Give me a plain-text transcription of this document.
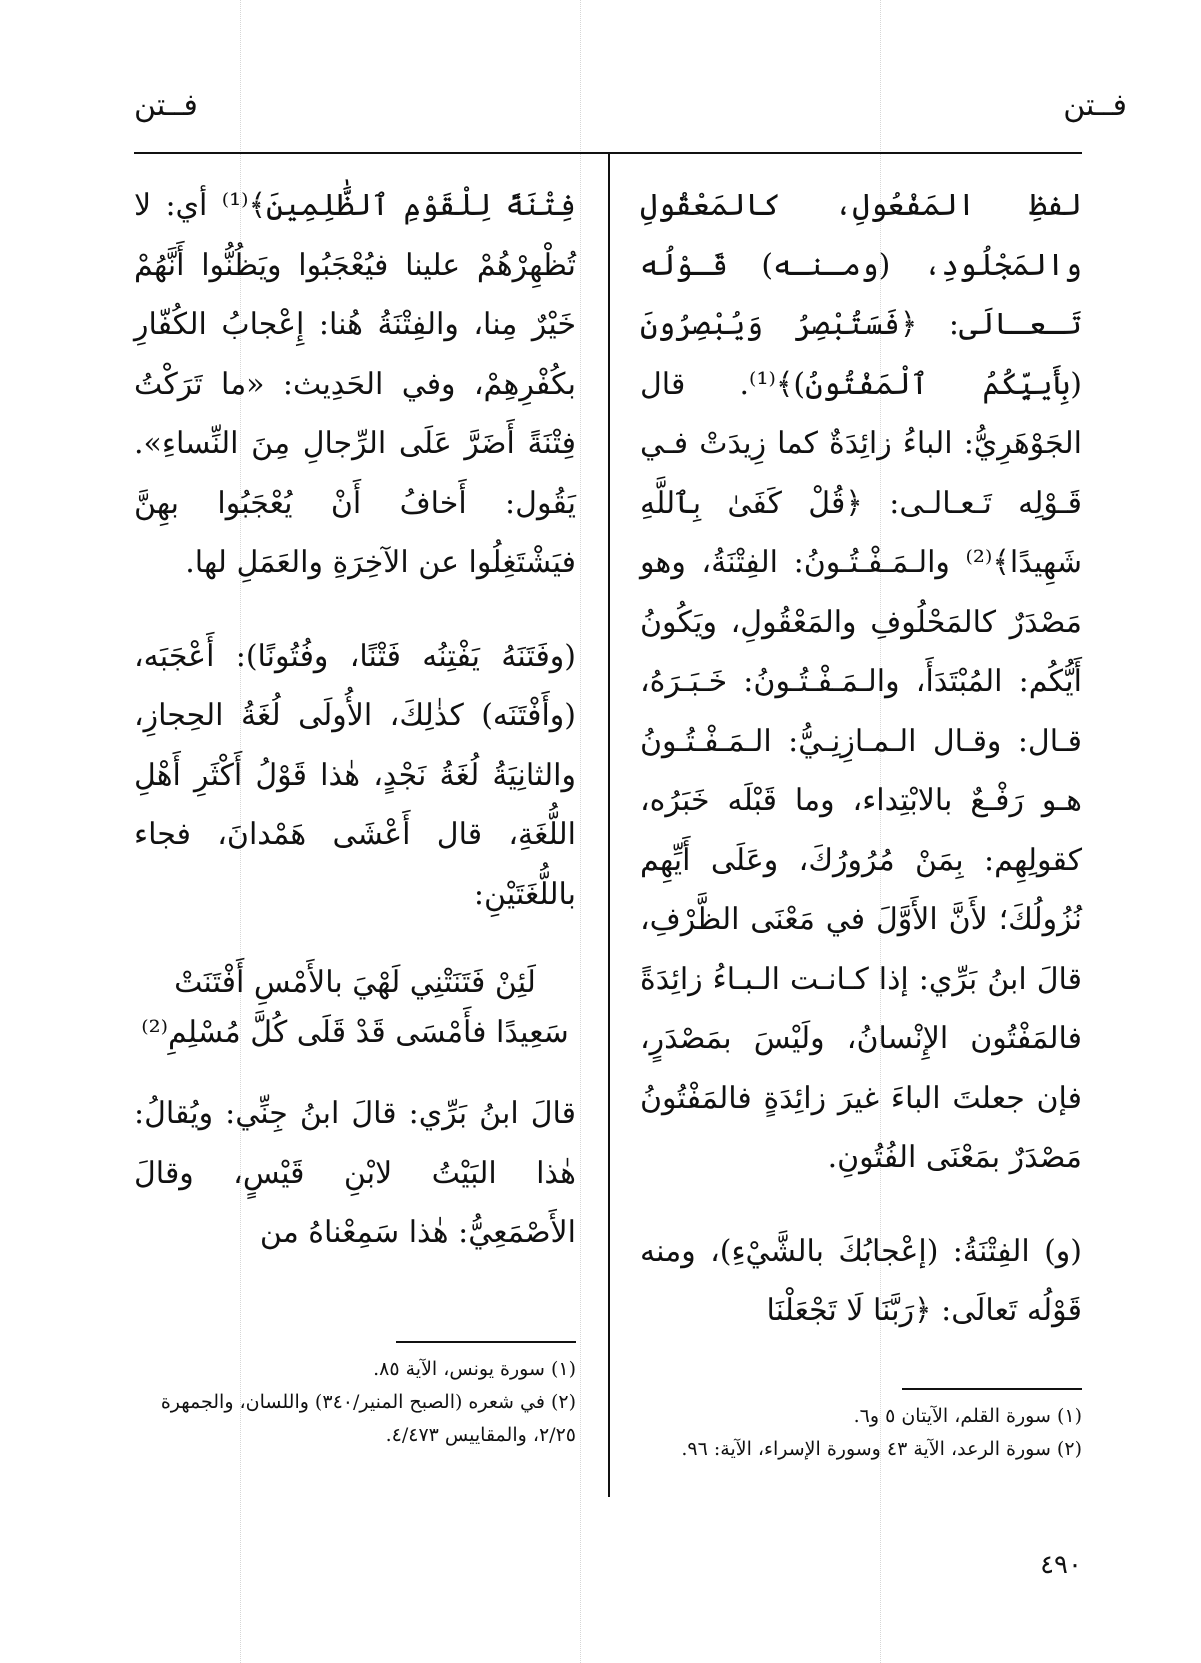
فــتن
فــتن

لفظِ المَفْعُولِ، كالمَعْقُولِ والمَجْلُودِ، (ومـنـه) قَـوْلُه تَـعـالَى: ﴿فَسَتُبْصِرُ وَيُبْصِرُونَ (بِأَييِّكُمُ ٱلْمَفْتُونُ)﴾⁽¹⁾. قال الجَوْهَرِيُّ: الباءُ زائِدَةٌ كما زِيدَتْ فـي قَـوْلِه تَـعـالـى: ﴿قُلْ كَفَىٰ بِٱللَّهِ شَهِيدًا﴾⁽²⁾ والـمَـفْـتُـونُ: الفِتْنَةُ، وهو مَصْدَرٌ كالمَحْلُوفِ والمَعْقُولِ، ويَكُونُ أَيُّكُم: المُبْتَدَأَ، والـمَـفْـتُـونُ: خَـبَـرَهُ، قـال: وقـال الـمـازِنِـيُّ: الـمَـفْـتُـونُ هـو رَفْـعٌ بالابْتِداء، وما قَبْلَه خَبَرُه، كقولِهِم: بِمَنْ مُرُورُكَ، وعَلَى أَيِّهِم نُزُولُكَ؛ لأَنَّ الأَوَّلَ في مَعْنَى الظَّرْفِ، قالَ ابنُ بَرِّي: إذا كـانـت الـبـاءُ زائِدَةً فالمَفْتُون الإِنْسانُ، ولَيْسَ بمَصْدَرٍ، فإن جعلتَ الباءَ غيرَ زائِدَةٍ فالمَفْتُونُ مَصْدَرٌ بمَعْنَى الفُتُونِ.

(و) الفِتْنَةُ: (إعْجابُكَ بالشَّيْءِ)، ومنه قَوْلُه تَعالَى: ﴿رَبَّنَا لَا تَجْعَلْنَا

فِتْنَةً لِلْقَوْمِ ٱلظَّٰلِمِينَ﴾⁽¹⁾ أي: لا تُظْهِرْهُمْ علينا فيُعْجَبُوا ويَظُنُّوا أَنَّهُمْ خَيْرٌ مِنا، والفِتْنَةُ هُنا: إِعْجابُ الكُفّارِ بكُفْرِهِمْ، وفي الحَدِيث: «ما تَرَكْتُ فِتْنَةً أَضَرَّ عَلَى الرِّجالِ مِنَ النِّساءِ». يَقُول: أَخافُ أَنْ يُعْجَبُوا بهِنَّ فيَشْتَغِلُوا عن الآخِرَةِ والعَمَلِ لها.

(وفَتَنَهُ يَفْتِنُه فَتْنًا، وفُتُونًا): أَعْجَبَه، (وأَفْتَنَه) كذٰلِكَ، الأُولَى لُغَةُ الحِجازِ، والثانِيَةُ لُغَةُ نَجْدٍ، هٰذا قَوْلُ أَكْثَرِ أَهْلِ اللُّغَةِ، قال أَعْشَى هَمْدانَ، فجاء باللُّغَتَيْنِ:

لَئِنْ فَتَنَتْنِي لَهْيَ بالأَمْسِ أَفْتَنَتْ
سَعِيدًا فأَمْسَى قَدْ قَلَى كُلَّ مُسْلِمِ⁽²⁾

قالَ ابنُ بَرِّي: قالَ ابنُ جِنِّي: ويُقالُ: هٰذا البَيْتُ لابْنِ قَيْسٍ، وقالَ الأَصْمَعِيُّ: هٰذا سَمِعْناهُ من

(١) سورة القلم، الآيتان ٥ و٦.
(٢) سورة الرعد، الآية ٤٣ وسورة الإسراء، الآية: ٩٦.
(١) سورة يونس، الآية ٨٥.
(٢) في شعره (الصبح المنير/٣٤٠) واللسان، والجمهرة ٢/٢٥، والمقاييس ٤/٤٧٣.
٤٩٠
